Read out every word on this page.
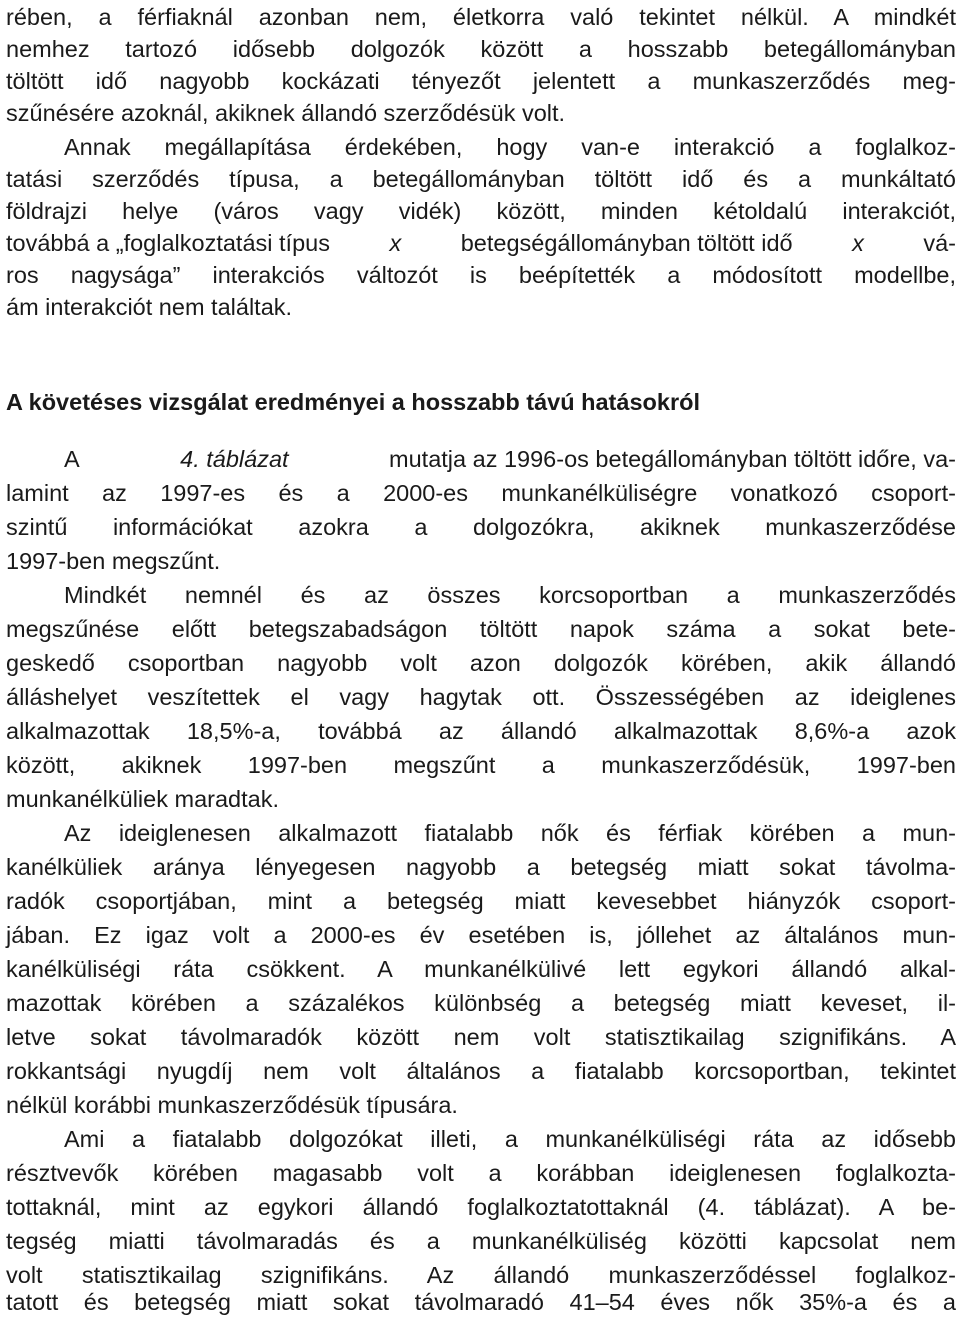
rében, a férfiaknál azonban nem, életkorra való tekintet nélkül. A mindkét
nemhez tartozó idősebb dolgozók között a hosszabb betegállományban
töltött idő nagyobb kockázati tényezőt jelentett a munkaszerződés meg-
szűnésére azoknál, akiknek állandó szerződésük volt.
Annak megállapítása érdekében, hogy van-e interakció a foglalkoz-
tatási szerződés típusa, a betegállományban töltött idő és a munkáltató
földrajzi helye (város vagy vidék) között, minden kétoldalú interakciót,
továbbá a „foglalkoztatási típus	x	betegségállományban töltött idő	x	vá-
ros nagysága” interakciós változót is beépítették a módosított modellbe,
ám interakciót nem találtak.
A követéses vizsgálat eredményei a hosszabb távú hatásokról
A	4. táblázat	mutatja az 1996-os betegállományban töltött időre, va-
lamint az 1997-es és a 2000-es munkanélküliségre vonatkozó csoport-
szintű információkat azokra a dolgozókra, akiknek munkaszerződése
1997-ben megszűnt.
Mindkét nemnél és az összes korcsoportban a munkaszerződés
megszűnése előtt betegszabadságon töltött napok száma a sokat bete-
geskedő csoportban nagyobb volt azon dolgozók körében, akik állandó
álláshelyet veszítettek el vagy hagytak ott. Összességében az ideiglenes
alkalmazottak 18,5%-a, továbbá az állandó alkalmazottak 8,6%-a azok
között, akiknek 1997-ben megszűnt a munkaszerződésük, 1997-ben
munkanélküliek maradtak.
Az ideiglenesen alkalmazott fiatalabb nők és férfiak körében a mun-
kanélküliek aránya lényegesen nagyobb a betegség miatt sokat távolma-
radók csoportjában, mint a betegség miatt kevesebbet hiányzók csoport-
jában. Ez igaz volt a 2000-es év esetében is, jóllehet az általános mun-
kanélküliségi ráta csökkent. A munkanélkülivé lett egykori állandó alkal-
mazottak körében a százalékos különbség a betegség miatt keveset, il-
letve sokat távolmaradók között nem volt statisztikailag szignifikáns. A
rokkantsági nyugdíj nem volt általános a fiatalabb korcsoportban, tekintet
nélkül korábbi munkaszerződésük típusára.
Ami a fiatalabb dolgozókat illeti, a munkanélküliségi ráta az idősebb
résztvevők körében magasabb volt a korábban ideiglenesen foglalkozta-
tottaknál, mint az egykori állandó foglalkoztatottaknál (4. táblázat). A be-
tegség miatti távolmaradás és a munkanélküliség közötti kapcsolat nem
volt statisztikailag szignifikáns. Az állandó munkaszerződéssel foglalkoz-
tatott és betegség miatt sokat távolmaradó 41–54 éves nők 35%-a és a
